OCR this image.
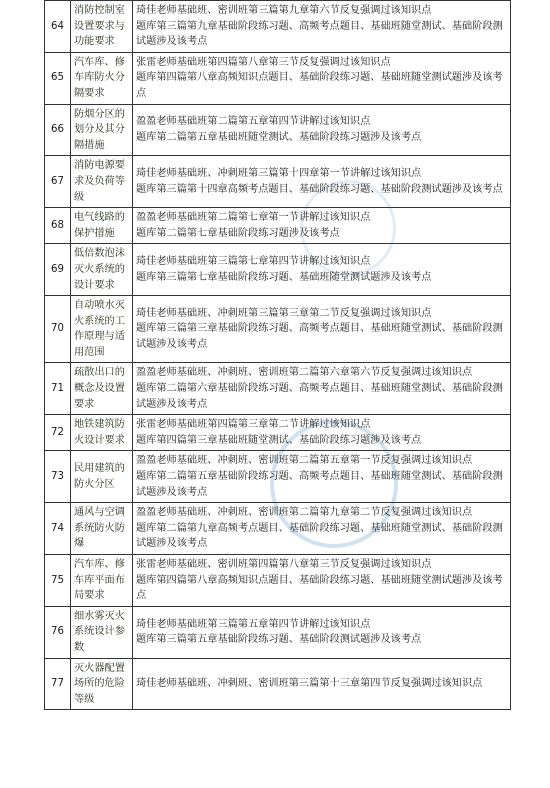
64	消防控制室设置要求与功能要求	琦佳老师基础班、密训班第三篇第九章第六节反复强调过该知识点

题库第三篇第九章基础阶段练习题、高频考点题目、基础班随堂测试、基础阶段测试题涉及该考点

65	汽车库、修车库防火分隔要求	张雷老师基础班第四篇第八章第三节反复强调过该知识点

题库第四篇第八章高频知识点题目、基础阶段练习题、基础班随堂测试题涉及该考点

66	防烟分区的划分及其分隔措施	盈盈老师基础班第二篇第五章第四节讲解过该知识点

题库第二篇第五章基础班随堂测试、基础阶段练习题涉及该考点

67	消防电源要求及负荷等级	琦佳老师基础班、冲刺班第三篇第十四章第一节讲解过该知识点

题库第三篇第十四章高频考点题目、基础阶段练习题、基础阶段测试题涉及该考点

68	电气线路的保护措施	盈盈老师基础班第二篇第七章第一节讲解过该知识点

题库第二篇第七章基础阶段练习题涉及该考点

69	低倍数泡沫灭火系统的设计要求	琦佳老师基础班第三篇第七章第四节讲解过该知识点

题库第三篇第七章基础阶段练习题、基础班随堂测试题涉及该考点

70	自动喷水灭火系统的工作原理与适用范围	琦佳老师基础班、冲刺班第三篇第三章第二节反复强调过该知识点

题库第三篇第三章基础阶段练习题、高频考点题目、基础班随堂测试、基础阶段测试题涉及该考点

71	疏散出口的概念及设置要求	盈盈老师基础班、冲刺班、密训班第二篇第六章第六节反复强调过该知识点

题库第二篇第六章基础阶段练习题、高频考点题目、基础班随堂测试、基础阶段测试题涉及该考点

72	地铁建筑防火设计要求	张雷老师基础班第四篇第三章第二节讲解过该知识点

题库第四篇第三章基础班随堂测试、基础阶段练习题涉及该考点

73	民用建筑的防火分区	盈盈老师基础班、冲刺班、密训班第二篇第五章第一节反复强调过该知识点

题库第二篇第五章基础阶段练习题、高频考点题目、基础班随堂测试、基础阶段测试题涉及该考点

74	通风与空调系统防火防爆	盈盈老师基础班、冲刺班、密训班第二篇第九章第二节反复强调过该知识点

题库第二篇第九章高频考点题目、基础阶段练习题、基础班随堂测试、基础阶段测试题涉及该考点

75	汽车库、修车库平面布局要求	张雷老师基础班、密训班第四篇第八章第三节反复强调过该知识点

题库第四篇第八章高频知识点题目、基础阶段练习题、基础班随堂测试题涉及该考点

76	细水雾灭火系统设计参数	琦佳老师基础班第三篇第五章第四节讲解过该知识点

题库第三篇第五章基础阶段练习题、基础阶段测试题涉及该考点

77	灭火器配置场所的危险等级	琦佳老师基础班、冲刺班、密训班第三篇第十三章第四节反复强调过该知识点
